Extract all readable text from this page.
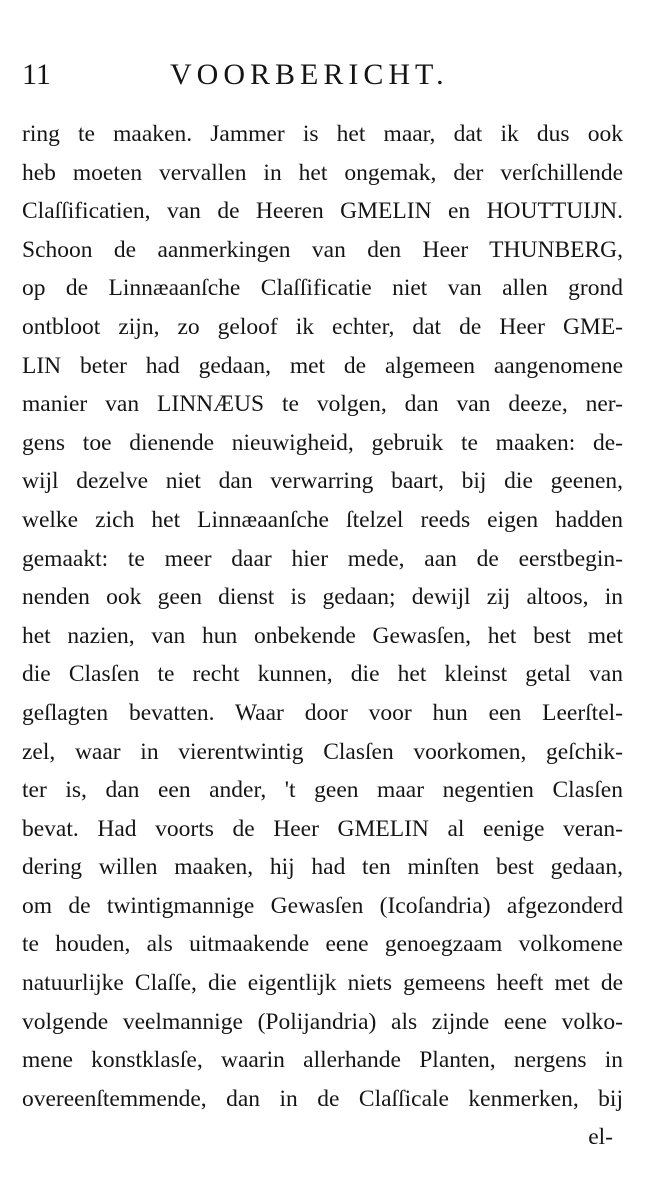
11	VOORBERICHT.
ring te maaken. Jammer is het maar, dat ik dus ook
heb moeten vervallen in het ongemak, der verſchillende
Claſſificatien, van de Heeren GMELIN en HOUTTUIJN.
Schoon de aanmerkingen van den Heer THUNBERG,
op de Linnæaanſche Claſſificatie niet van allen grond
ontbloot zijn, zo geloof ik echter, dat de Heer GME-
LIN beter had gedaan, met de algemeen aangenomene
manier van LINNÆUS te volgen, dan van deeze, ner-
gens toe dienende nieuwigheid, gebruik te maaken: de-
wijl dezelve niet dan verwarring baart, bij die geenen,
welke zich het Linnæaanſche ſtelzel reeds eigen hadden
gemaakt: te meer daar hier mede, aan de eerstbegin-
nenden ook geen dienst is gedaan; dewijl zij altoos, in
het nazien, van hun onbekende Gewasſen, het best met
die Clasſen te recht kunnen, die het kleinst getal van
geſlagten bevatten. Waar door voor hun een Leerſtel-
zel, waar in vierentwintig Clasſen voorkomen, geſchik-
ter is, dan een ander, 't geen maar negentien Clasſen
bevat. Had voorts de Heer GMELIN al eenige veran-
dering willen maaken, hij had ten minſten best gedaan,
om de twintigmannige Gewasſen (Icoſandria) afgezonderd
te houden, als uitmaakende eene genoegzaam volkomene
natuurlijke Claſſe, die eigentlijk niets gemeens heeft met de
volgende veelmannige (Polijandria) als zijnde eene volko-
mene konstklasſe, waarin allerhande Planten, nergens in
overeenſtemmende, dan in de Claſſicale kenmerken, bij
el-
